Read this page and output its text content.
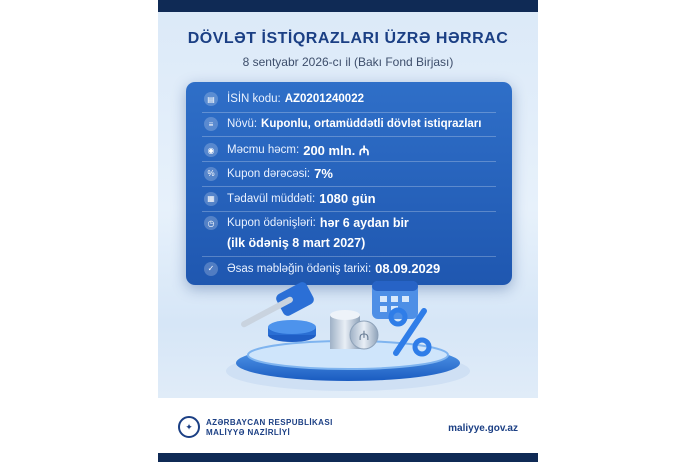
DÖVLƏT İSTİQRAZLARI ÜZRƏ HƏRRAC
8 sentyabr 2026-cı il (Bakı Fond Birjası)
▤ İSİN kodu: AZ0201240022
≡	Növü: Kuponlu, ortamüddətli dövlət istiqrazları
◉	Məcmu həcm: 200 mln. ₼
% Kupon dərəcəsi: 7%
▦ Tədavül müddəti: 1080 gün
◷	Kupon ödənişləri: hər 6 aydan bir
(ilk ödəniş 8 mart 2027)
✓	Əsas məbləğin ödəniş tarixi: 08.09.2029
₼
✦	AZƏRBAYCAN RESPUBLİKASI
MALİYYƏ NAZİRLİYİ	maliyye.gov.az
